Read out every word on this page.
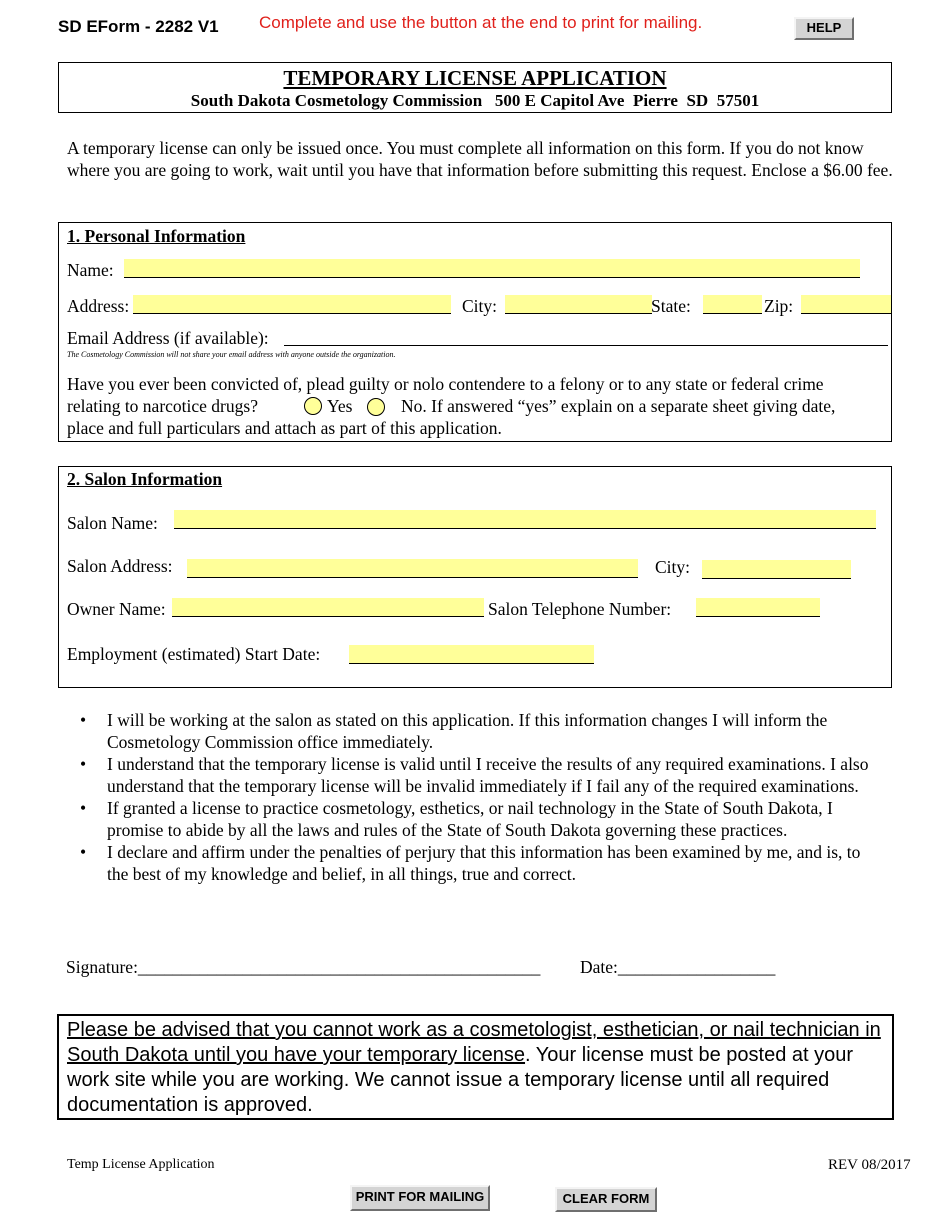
SD EForm - 2282 V1 Complete and use the button at the end to print for mailing.	HELP
TEMPORARY LICENSE APPLICATION
South Dakota Cosmetology Commission   500 E Capitol Ave  Pierre  SD  57501
A temporary license can only be issued once. You must complete all information on this form. If you do not know where you are going to work, wait until you have that information before submitting this request. Enclose a $6.00 fee.
1. Personal Information
Name:
Address:	City:	State:	Zip:
Email Address (if available):
The Cosmetology Commission will not share your email address with anyone outside the organization.
Have you ever been convicted of, plead guilty or nolo contendere to a felony or to any state or federal crime
relating to narcotice drugs?	Yes	No. If answered “yes” explain on a separate sheet giving date,
place and full particulars and attach as part of this application.
2. Salon Information
Salon Name:
Salon Address:	City:
Owner Name:	Salon Telephone Number:
Employment (estimated) Start Date:
• I will be working at the salon as stated on this application. If this information changes I will inform the Cosmetology Commission office immediately.
• I understand that the temporary license is valid until I receive the results of any required examinations. I also understand that the temporary license will be invalid immediately if I fail any of the required examinations.
• If granted a license to practice cosmetology, esthetics, or nail technology in the State of South Dakota, I promise to abide by all the laws and rules of the State of South Dakota governing these practices.
• I declare and affirm under the penalties of perjury that this information has been examined by me, and is, to the best of my knowledge and belief, in all things, true and correct.
Signature:______________________________________________ Date:__________________
Please be advised that you cannot work as a cosmetologist, esthetician, or nail technician in South Dakota until you have your temporary license. Your license must be posted at your work site while you are working. We cannot issue a temporary license until all required documentation is approved.
Temp License Application	REV 08/2017
PRINT FOR MAILING	CLEAR FORM
